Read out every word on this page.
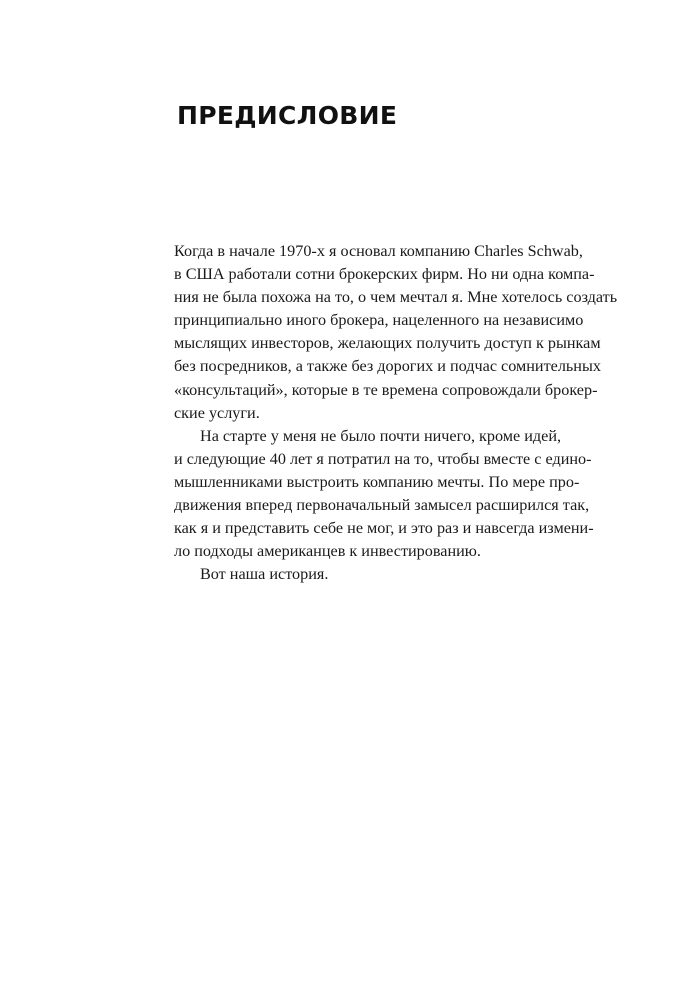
ПРЕДИСЛОВИЕ
Когда в начале 1970-х я основал компанию Charles Schwab,
в США работали сотни брокерских фирм. Но ни одна компа-
ния не была похожа на то, о чем мечтал я. Мне хотелось создать
принципиально иного брокера, нацеленного на независимо
мыслящих инвесторов, желающих получить доступ к рынкам
без посредников, а также без дорогих и подчас сомнительных
«консультаций», которые в те времена сопровождали брокер-
ские услуги.
На старте у меня не было почти ничего, кроме идей,
и следующие 40 лет я потратил на то, чтобы вместе с едино-
мышленниками выстроить компанию мечты. По мере про-
движения вперед первоначальный замысел расширился так,
как я и представить себе не мог, и это раз и навсегда измени-
ло подходы американцев к инвестированию.
Вот наша история.
